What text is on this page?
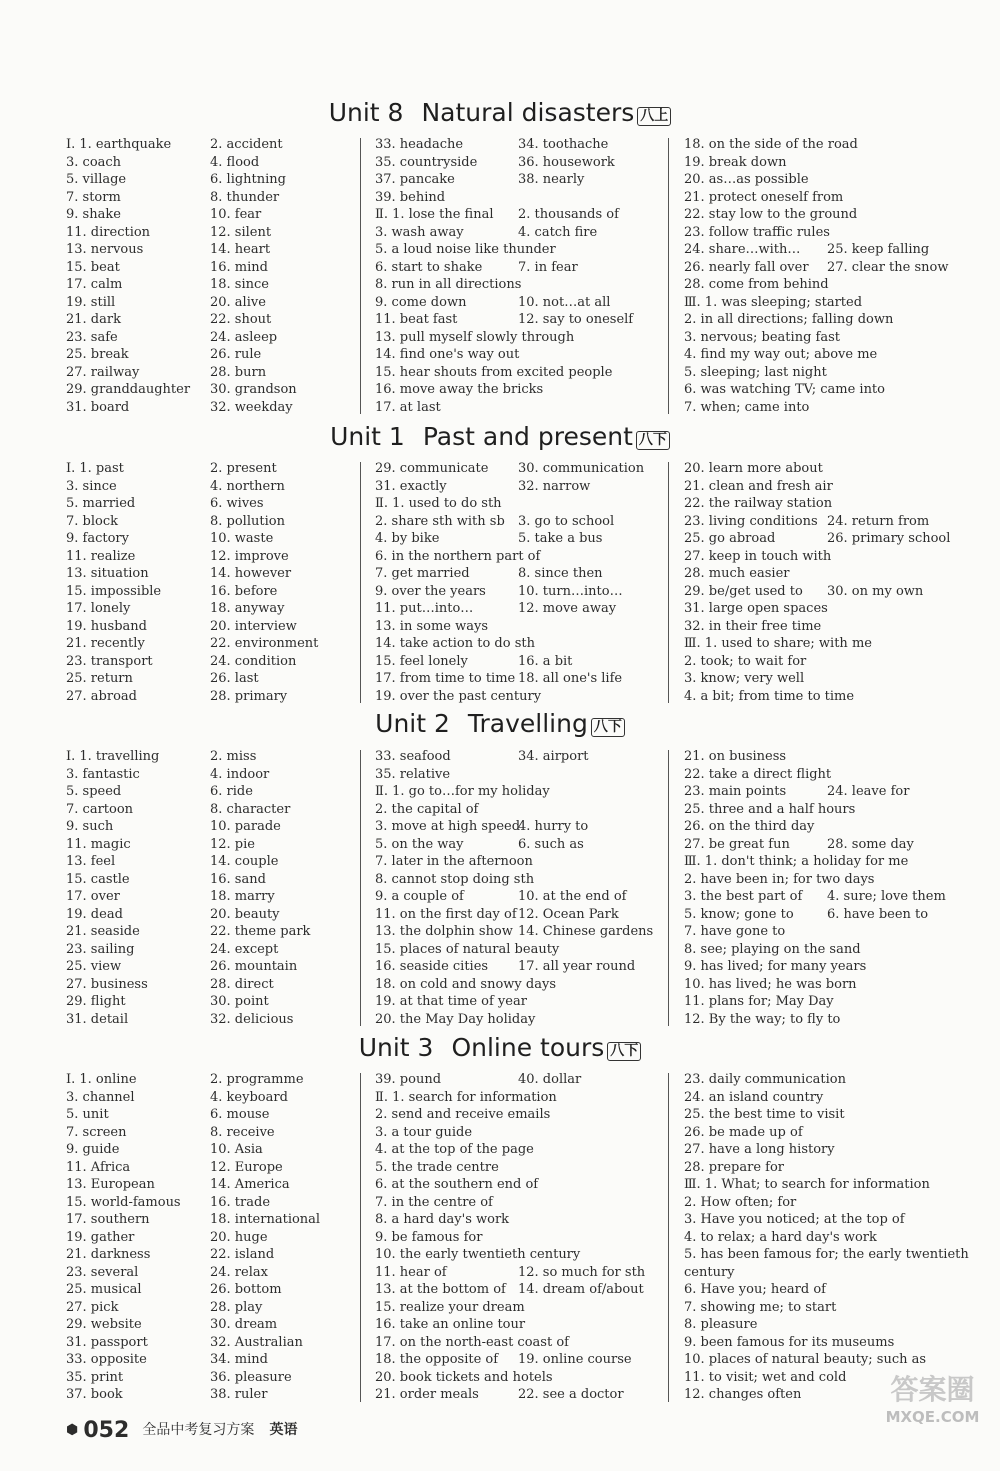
Unit 8 Natural disasters 八上
Ⅰ. 1. earthquake	2. accident
3. coach	4. flood
5. village	6. lightning
7. storm	8. thunder
9. shake	10. fear
11. direction	12. silent
13. nervous	14. heart
15. beat	16. mind
17. calm	18. since
19. still	20. alive
21. dark	22. shout
23. safe	24. asleep
25. break	26. rule
27. railway	28. burn
29. granddaughter 30. grandson
31. board	32. weekday
33. headache	34. toothache
35. countryside	36. housework
37. pancake	38. nearly
39. behind
Ⅱ. 1. lose the final 2. thousands of
3. wash away	4. catch fire
5. a loud noise like thunder
6. start to shake	7. in fear
8. run in all directions
9. come down	10. not…at all
11. beat fast	12. say to oneself
13. pull myself slowly through
14. find one's way out
15. hear shouts from excited people
16. move away the bricks
17. at last
18. on the side of the road
19. break down
20. as…as possible
21. protect oneself from
22. stay low to the ground
23. follow traffic rules
24. share…with… 25. keep falling
26. nearly fall over 27. clear the snow
28. come from behind
Ⅲ. 1. was sleeping; started
2. in all directions; falling down
3. nervous; beating fast
4. find my way out; above me
5. sleeping; last night
6. was watching TV; came into
7. when; came into
Unit 1 Past and present 八下
Ⅰ. 1. past	2. present
3. since	4. northern
5. married	6. wives
7. block	8. pollution
9. factory	10. waste
11. realize	12. improve
13. situation	14. however
15. impossible	16. before
17. lonely	18. anyway
19. husband	20. interview
21. recently	22. environment
23. transport	24. condition
25. return	26. last
27. abroad	28. primary
29. communicate 30. communication
31. exactly	32. narrow
Ⅱ. 1. used to do sth
2. share sth with sb 3. go to school
4. by bike	5. take a bus
6. in the northern part of
7. get married	8. since then
9. over the years 10. turn…into…
11. put…into…	12. move away
13. in some ways
14. take action to do sth
15. feel lonely	16. a bit
17. from time to time 18. all one's life
19. over the past century
20. learn more about
21. clean and fresh air
22. the railway station
23. living conditions 24. return from
25. go abroad	26. primary school
27. keep in touch with
28. much easier
29. be/get used to 30. on my own
31. large open spaces
32. in their free time
Ⅲ. 1. used to share; with me
2. took; to wait for
3. know; very well
4. a bit; from time to time
Unit 2 Travelling 八下
Ⅰ. 1. travelling	2. miss
3. fantastic	4. indoor
5. speed	6. ride
7. cartoon	8. character
9. such	10. parade
11. magic	12. pie
13. feel	14. couple
15. castle	16. sand
17. over	18. marry
19. dead	20. beauty
21. seaside	22. theme park
23. sailing	24. except
25. view	26. mountain
27. business	28. direct
29. flight	30. point
31. detail	32. delicious
33. seafood	34. airport
35. relative
Ⅱ. 1. go to…for my holiday
2. the capital of
3. move at high speed
4. hurry to
5. on the way	6. such as
7. later in the afternoon
8. cannot stop doing sth
9. a couple of	10. at the end of
11. on the first day of 12. Ocean Park
13. the dolphin show 14. Chinese gardens
15. places of natural beauty
16. seaside cities 17. all year round
18. on cold and snowy days
19. at that time of year
20. the May Day holiday
21. on business
22. take a direct flight
23. main points	24. leave for
25. three and a half hours
26. on the third day
27. be great fun	28. some day
Ⅲ. 1. don't think; a holiday for me
2. have been in; for two days
3. the best part of 4. sure; love them
5. know; gone to	6. have been to
7. have gone to
8. see; playing on the sand
9. has lived; for many years
10. has lived; he was born
11. plans for; May Day
12. By the way; to fly to
Unit 3 Online tours 八下
Ⅰ. 1. online	2. programme
3. channel	4. keyboard
5. unit	6. mouse
7. screen	8. receive
9. guide	10. Asia
11. Africa	12. Europe
13. European	14. America
15. world-famous 16. trade
17. southern	18. international
19. gather	20. huge
21. darkness	22. island
23. several	24. relax
25. musical	26. bottom
27. pick	28. play
29. website	30. dream
31. passport	32. Australian
33. opposite	34. mind
35. print	36. pleasure
37. book	38. ruler
39. pound	40. dollar
Ⅱ. 1. search for information
2. send and receive emails
3. a tour guide
4. at the top of the page
5. the trade centre
6. at the southern end of
7. in the centre of
8. a hard day's work
9. be famous for
10. the early twentieth century
11. hear of	12. so much for sth
13. at the bottom of 14. dream of/about
15. realize your dream
16. take an online tour
17. on the north-east coast of
18. the opposite of 19. online course
20. book tickets and hotels
21. order meals	22. see a doctor
23. daily communication
24. an island country
25. the best time to visit
26. be made up of
27. have a long history
28. prepare for
Ⅲ. 1. What; to search for information
2. How often; for
3. Have you noticed; at the top of
4. to relax; a hard day's work
5. has been famous for; the early twentieth
century
6. Have you; heard of
7. showing me; to start
8. pleasure
9. been famous for its museums
10. places of natural beauty; such as
11. to visit; wet and cold
12. changes often
⬢ 052 全品中考复习方案 英语
答案圈
MXQE.COM
